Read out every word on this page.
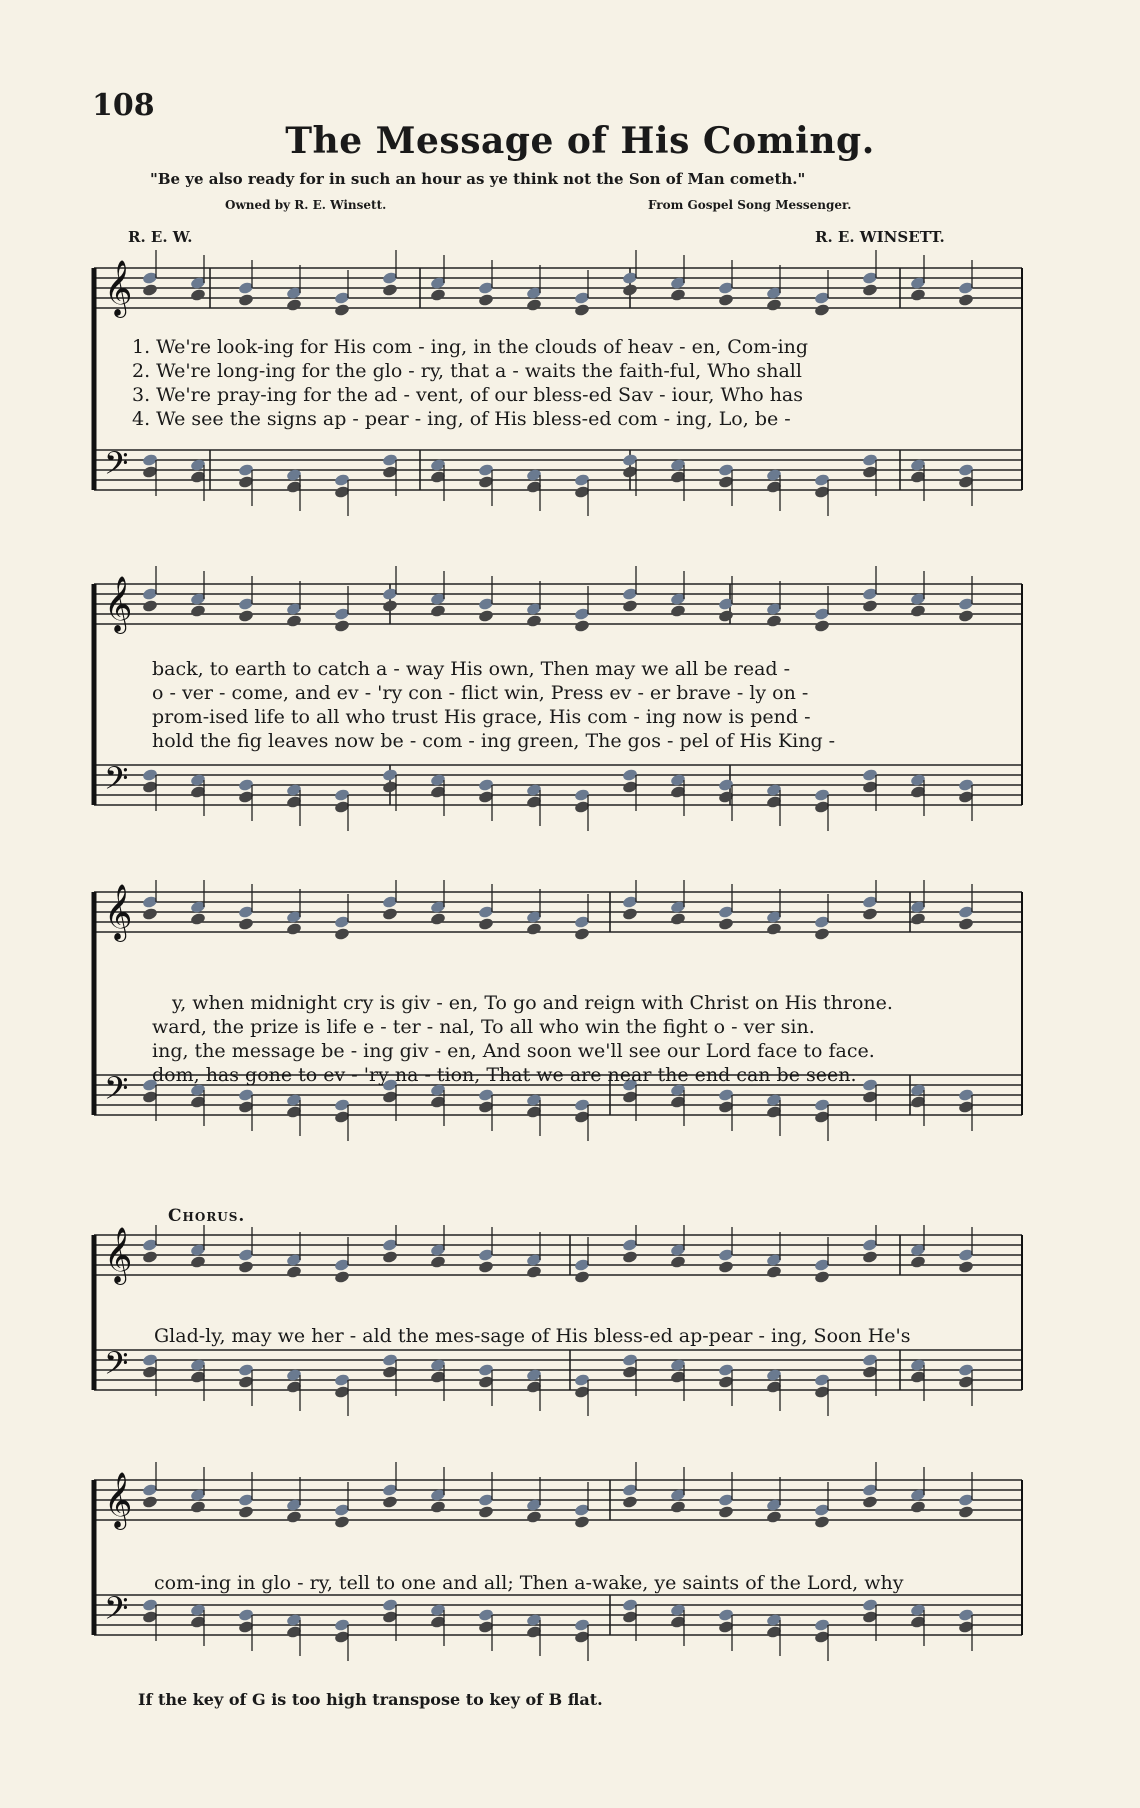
108
The Message of His Coming.
"Be ye also ready for in such an hour as ye think not the Son of Man cometh."
Owned by R. E. Winsett.	From Gospel Song Messenger.
R. E. W.	R. E. WINSETT.
𝄞
𝄢
1. We're look-ing for His com - ing, in the clouds of heav - en, Com-ing
2. We're long-ing for the glo - ry, that a - waits the faith-ful, Who shall
3. We're pray-ing for the ad - vent, of our bless-ed Sav - iour, Who has
4. We see the signs ap - pear - ing, of His bless-ed com - ing, Lo, be -
𝄞
𝄢
back, to earth to catch a - way His own, Then may we all be read -
o - ver - come, and ev - 'ry con - flict win, Press ev - er brave - ly on -
prom-ised life to all who trust His grace, His com - ing now is pend -
hold the fig leaves now be - com - ing green, The gos - pel of His King -
𝄞
𝄢
y, when midnight cry is giv - en, To go and reign with Christ on His throne.
ward, the prize is life e - ter - nal, To all who win the fight o - ver sin.
ing, the message be - ing giv - en, And soon we'll see our Lord face to face.
dom, has gone to ev - 'ry na - tion, That we are near the end can be seen.
Chorus.
𝄞
𝄢
Glad-ly, may we her - ald the mes-sage of His bless-ed ap-pear - ing, Soon He's
𝄞
𝄢
com-ing in glo - ry, tell to one and all; Then a-wake, ye saints of the Lord, why
If the key of G is too high transpose to key of B flat.
